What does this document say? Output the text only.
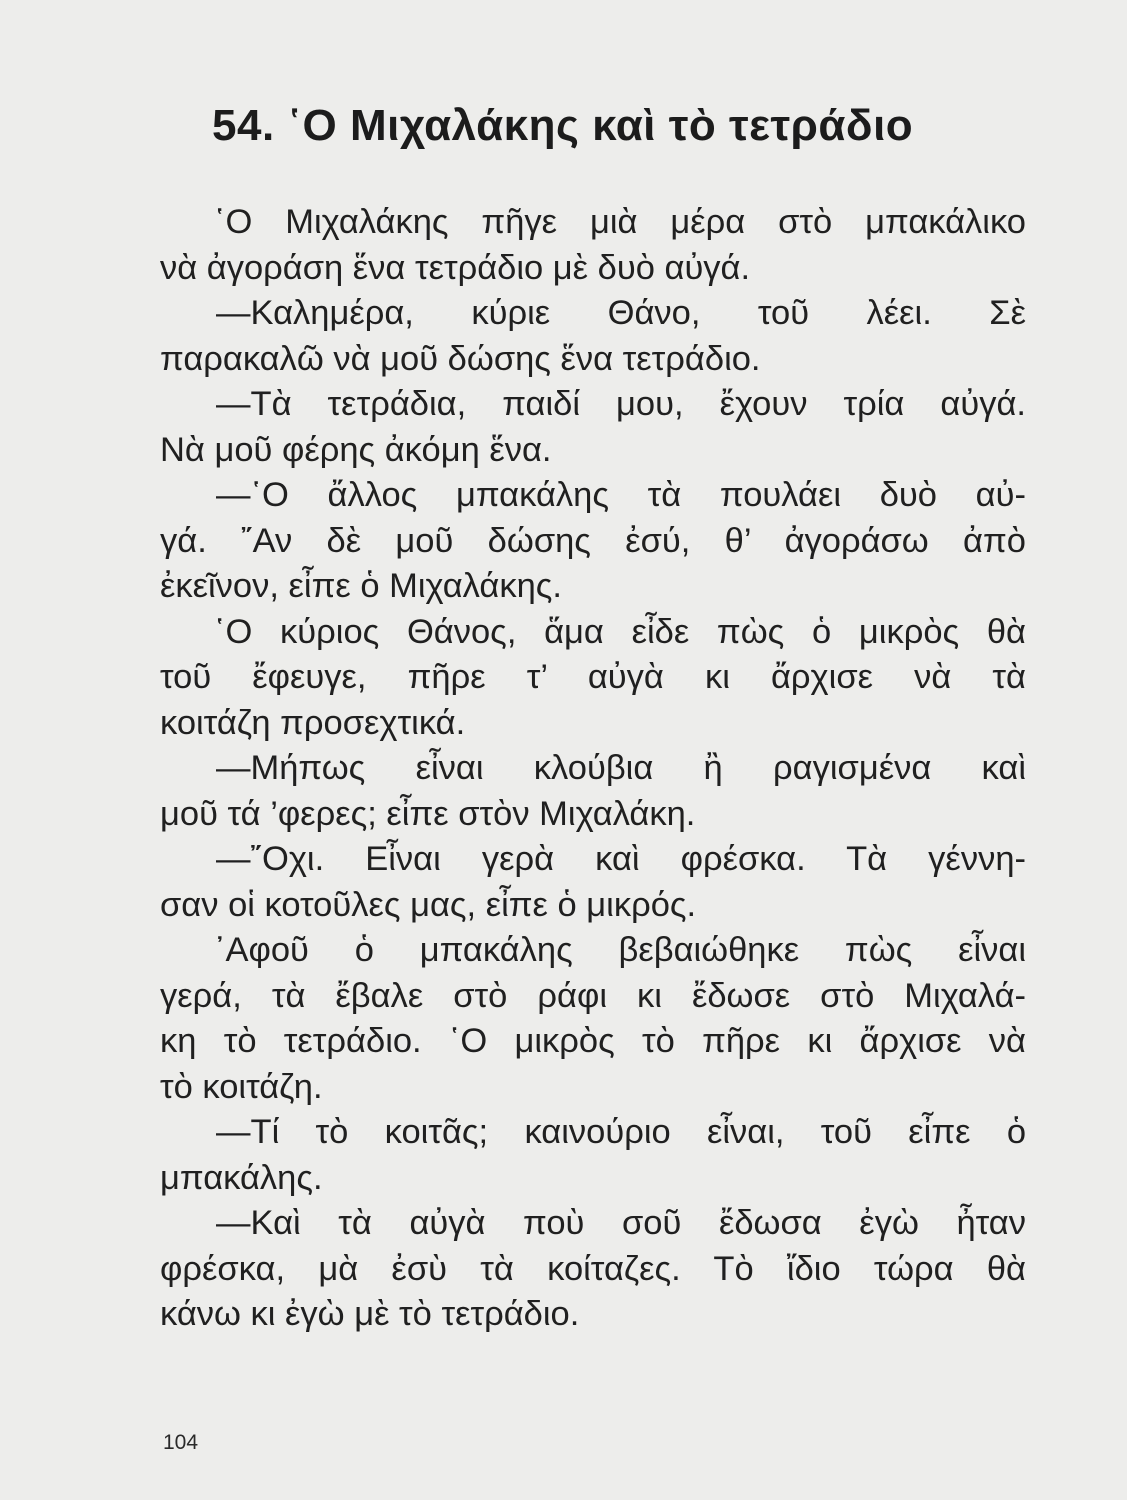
54. ῾Ο Μιχαλάκης καὶ τὸ τετράδιο
῾Ο Μιχαλάκης πῆγε μιὰ μέρα στὸ μπακάλικο
νὰ ἀγοράση ἕνα τετράδιο μὲ δυὸ αὐγά.
—Καλημέρα, κύριε Θάνο, τοῦ λέει. Σὲ
παρακαλῶ νὰ μοῦ δώσης ἕνα τετράδιο.
—Τὰ τετράδια, παιδί μου, ἔχουν τρία αὐγά.
Νὰ μοῦ φέρης ἀκόμη ἕνα.
—῾Ο ἄλλος μπακάλης τὰ πουλάει δυὸ αὐ-
γά. ῎Αν δὲ μοῦ δώσης ἐσύ, θ’ ἀγοράσω ἀπὸ
ἐκεῖνον, εἶπε ὁ Μιχαλάκης.
῾Ο κύριος Θάνος, ἅμα εἶδε πὼς ὁ μικρὸς θὰ
τοῦ ἔφευγε, πῆρε τ’ αὐγὰ κι ἄρχισε νὰ τὰ
κοιτάζη προσεχτικά.
—Μήπως εἶναι κλούβια ἢ ραγισμένα καὶ
μοῦ τά ’φερες; εἶπε στὸν Μιχαλάκη.
—῎Οχι. Εἶναι γερὰ καὶ φρέσκα. Τὰ γέννη-
σαν οἱ κοτοῦλες μας, εἶπε ὁ μικρός.
᾿Αφοῦ ὁ μπακάλης βεβαιώθηκε πὼς εἶναι
γερά, τὰ ἔβαλε στὸ ράφι κι ἔδωσε στὸ Μιχαλά-
κη τὸ τετράδιο. ῾Ο μικρὸς τὸ πῆρε κι ἄρχισε νὰ
τὸ κοιτάζη.
—Τί τὸ κοιτᾶς; καινούριο εἶναι, τοῦ εἶπε ὁ
μπακάλης.
—Καὶ τὰ αὐγὰ ποὺ σοῦ ἔδωσα ἐγὼ ἦταν
φρέσκα, μὰ ἐσὺ τὰ κοίταζες. Τὸ ἴδιο τώρα θὰ
κάνω κι ἐγὼ μὲ τὸ τετράδιο.
104
